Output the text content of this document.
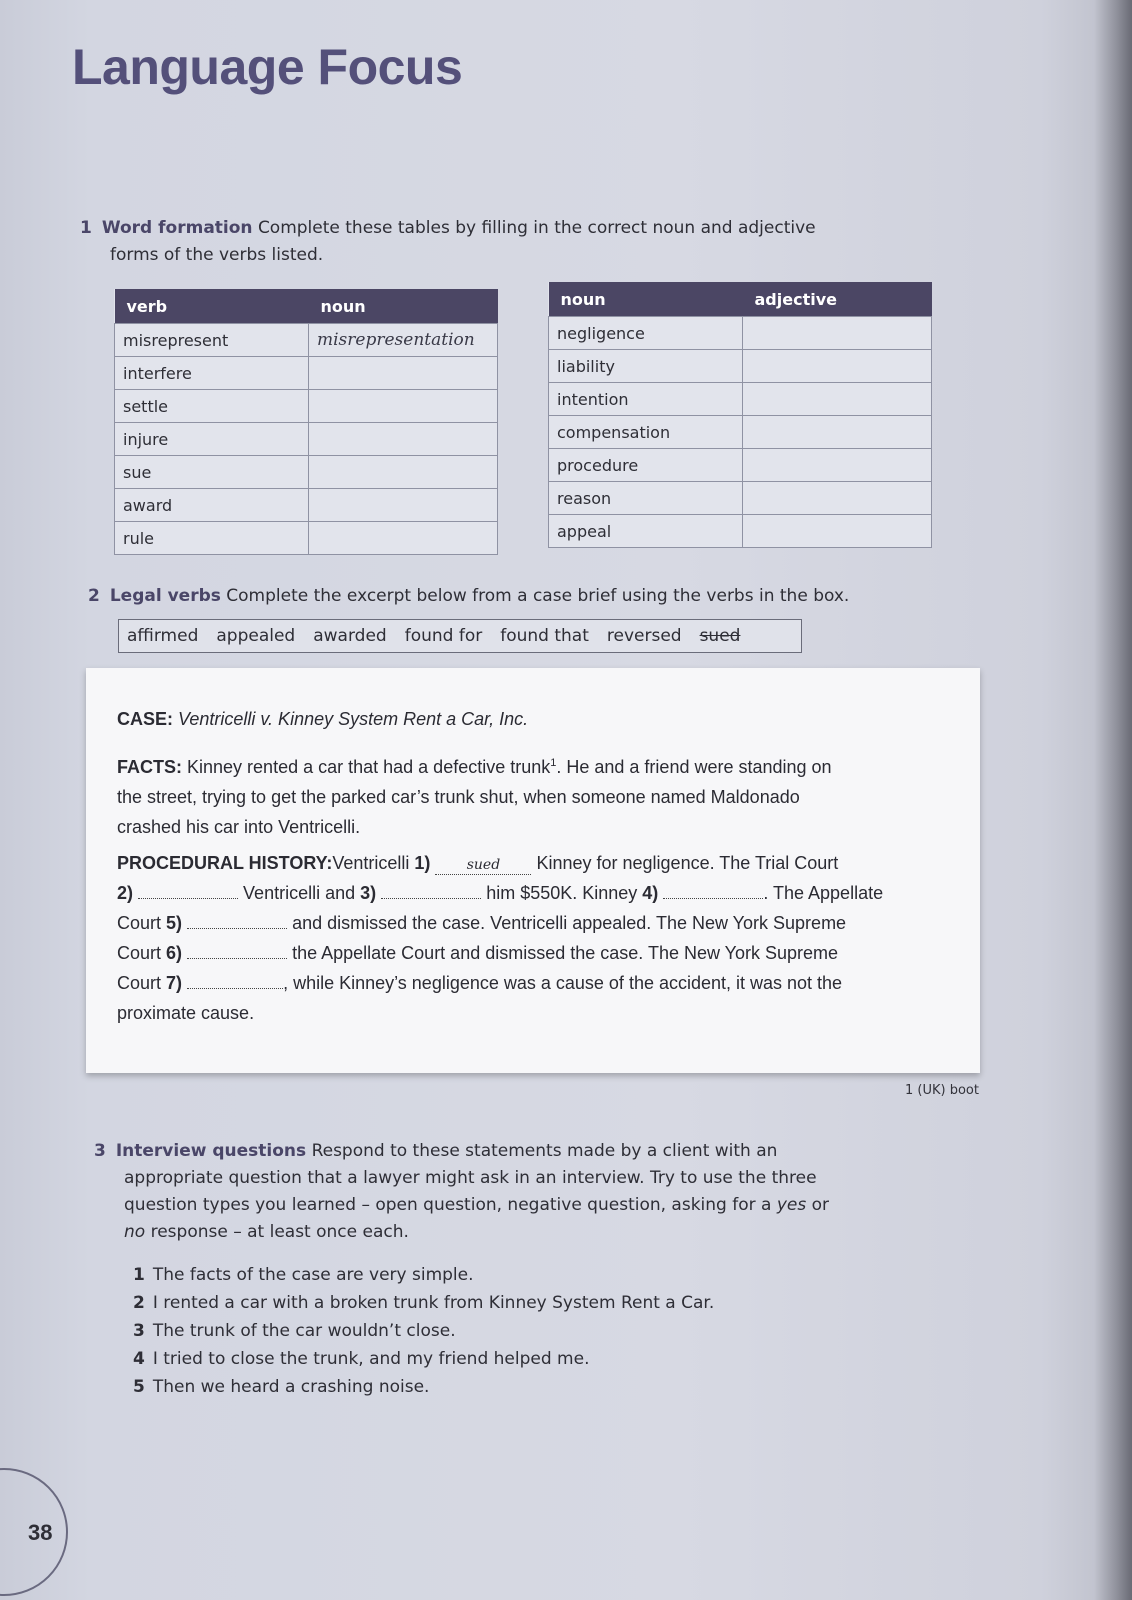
Language Focus
1 Word formation Complete these tables by filling in the correct noun and adjective
forms of the verbs listed.
verb	noun
misrepresent	misrepresentation
interfere	
settle	
injure	
sue	
award	
rule	
noun	adjective
negligence	
liability	
intention	
compensation	
procedure	
reason	
appeal	
2 Legal verbs Complete the excerpt below from a case brief using the verbs in the box.
affirmed appealed awarded found for found that reversed sued
CASE: Ventricelli v. Kinney System Rent a Car, Inc.
FACTS: Kinney rented a car that had a defective trunk$^1$. He and a friend were standing on
the street, trying to get the parked car’s trunk shut, when someone named Maldonado
crashed his car into Ventricelli.
PROCEDURAL HISTORY:Ventricelli 1)	sued Kinney for negligence. The Trial Court
2)	Ventricelli and 3)	him $550K. Kinney 4)	. The Appellate
Court 5)	and dismissed the case. Ventricelli appealed. The New York Supreme
Court 6)	the Appellate Court and dismissed the case. The New York Supreme
Court 7)	, while Kinney’s negligence was a cause of the accident, it was not the
proximate cause.
1 (UK) boot
3 Interview questions Respond to these statements made by a client with an
appropriate question that a lawyer might ask in an interview. Try to use the three
question types you learned – open question, negative question, asking for a yes or
no response – at least once each.
1 The facts of the case are very simple.
2 I rented a car with a broken trunk from Kinney System Rent a Car.
3 The trunk of the car wouldn’t close.
4 I tried to close the trunk, and my friend helped me.
5 Then we heard a crashing noise.
38
